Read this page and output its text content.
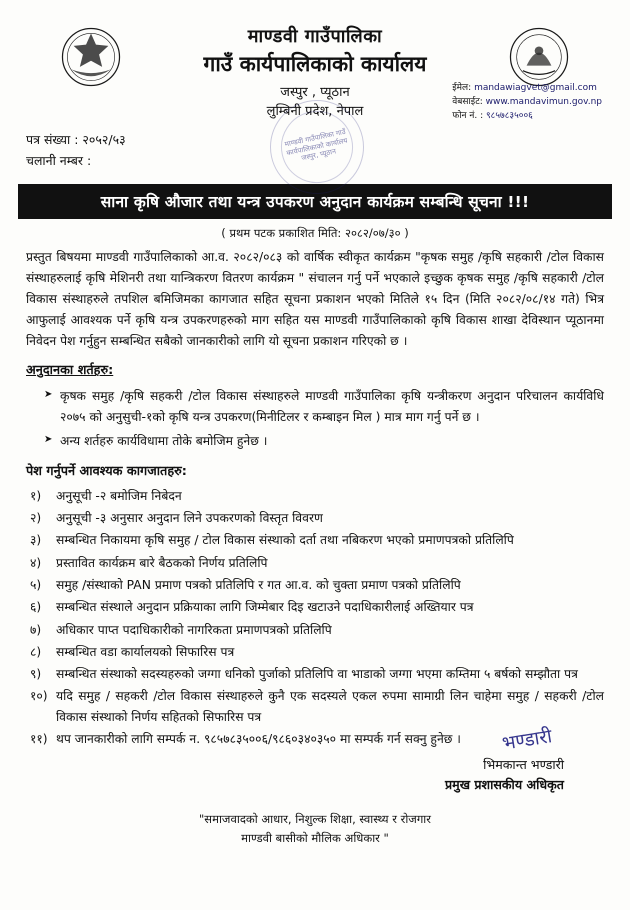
माण्डवी गाउँपालिका
गाउँ कार्यपालिकाको कार्यालय
जस्पुर , प्यूठान
लुम्बिनी प्रदेश, नेपाल
ईमेल: mandawiagvet@gmail.com
वेबसाईट: www.mandavimun.gov.np
फोन नं. : ९८५७८३५००६
माण्डवी गाउँपालिका गाउँ कार्यपालिकाको कार्यालय जस्पुर, प्यूठान
पत्र संख्या : २०५२/५३
चलानी नम्बर :
साना कृषि औजार तथा यन्त्र उपकरण अनुदान कार्यक्रम सम्बन्धि सूचना !!!
( प्रथम पटक प्रकाशित मिति: २०८२/०७/३० )

प्रस्तुत बिषयमा माण्डवी गाउँपालिकाको आ.व. २०८२/०८३ को वार्षिक स्वीकृत कार्यक्रम "कृषक समुह /कृषि सहकारी /टोल विकास संस्थाहरुलाई कृषि मेशिनरी तथा यान्त्रिकरण वितरण कार्यक्रम " संचालन गर्नु पर्ने भएकाले इच्छुक कृषक समुह /कृषि सहकारी /टोल विकास संस्थाहरुले तपशिल बमिजिमका कागजात सहित सूचना प्रकाशन भएको मितिले १५ दिन (मिति २०८२/०८/१४ गते) भित्र आफुलाई आवश्यक पर्ने कृषि यन्त्र उपकरणहरुको माग सहित यस माण्डवी गाउँपालिकाको कृषि विकास शाखा देविस्थान प्यूठानमा निवेदन पेश गर्नुहुन सम्बन्धित सबैको जानकारीको लागि यो सूचना प्रकाशन गरिएको छ ।

अनुदानका शर्तहरु:
➤ कृषक समुह /कृषि सहकरी /टोल विकास संस्थाहरुले माण्डवी गाउँपालिका कृषि यन्त्रीकरण अनुदान परिचालन कार्यविधि २०७५ को अनुसुची-१को कृषि यन्त्र उपकरण(मिनीटिलर र कम्बाइन मिल ) मात्र माग गर्नु पर्ने छ ।
➤ अन्य शर्तहरु कार्यविधामा तोके बमोजिम हुनेछ ।
पेश गर्नुपर्ने आवश्यक कागजातहरु:
१)	अनुसूची -२ बमोजिम निबेदन
२)	अनुसूची -३ अनुसार अनुदान लिने उपकरणको विस्तृत विवरण
३)	सम्बन्धित निकायमा कृषि समुह / टोल विकास संस्थाको दर्ता तथा नबिकरण भएको प्रमाणपत्रको प्रतिलिपि
४)	प्रस्तावित कार्यक्रम बारे बैठकको निर्णय प्रतिलिपि
५)	समुह /संस्थाको PAN प्रमाण पत्रको प्रतिलिपि र गत आ.व. को चुक्ता प्रमाण पत्रको प्रतिलिपि
६)	सम्बन्धित संस्थाले अनुदान प्रक्रियाका लागि जिम्मेबार दिइ खटाउने पदाधिकारीलाई अख्तियार पत्र
७)	अधिकार पाप्त पदाधिकारीको नागरिकता प्रमाणपत्रको प्रतिलिपि
८)	सम्बन्धित वडा कार्यालयको सिफारिस पत्र
९)	सम्बन्धित संस्थाको सदस्यहरुको जग्गा धनिको पुर्जाको प्रतिलिपि वा भाडाको जग्गा भएमा कम्तिमा ५ बर्षको सम्झौता पत्र
१०) यदि समुह / सहकरी /टोल विकास संस्थाहरुले कुनै एक सदस्यले एकल रुपमा सामाग्री लिन चाहेमा समुह / सहकरी /टोल विकास संस्थाको निर्णय सहितको सिफारिस पत्र
११) थप जानकारीको लागि सम्पर्क न. ९८५७८३५००६/९८६०३४०३५० मा सम्पर्क गर्न सक्नु हुनेछ ।	भण्डारी
भिमकान्त भण्डारी
प्रमुख प्रशासकीय अधिकृत
"समाजवादको आधार, निशुल्क शिक्षा, स्वास्थ्य र रोजगार
माण्डवी बासीको मौलिक अधिकार "
